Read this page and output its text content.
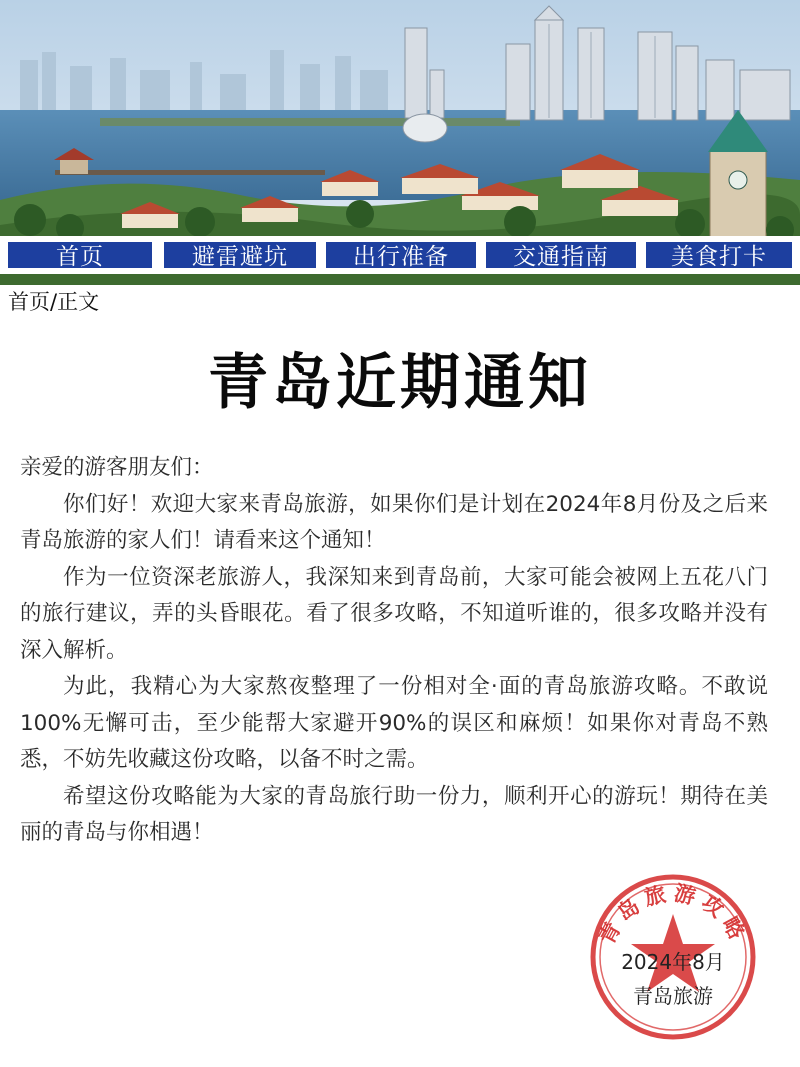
首页	避雷避坑	出行准备	交通指南	美食打卡
首页/正文
青岛近期通知

亲爱的游客朋友们：

你们好！欢迎大家来青岛旅游，如果你们是计划在2024年8月份及之后来青岛旅游的家人们！请看来这个通知！

作为一位资深老旅游人，我深知来到青岛前，大家可能会被网上五花八门的旅行建议，弄的头昏眼花。看了很多攻略，不知道听谁的，很多攻略并没有深入解析。

为此，我精心为大家熬夜整理了一份相对全·面的青岛旅游攻略。不敢说100%无懈可击，至少能帮大家避开90%的误区和麻烦！如果你对青岛不熟悉，不妨先收藏这份攻略，以备不时之需。

希望这份攻略能为大家的青岛旅行助一份力，顺利开心的游玩！期待在美丽的青岛与你相遇！

青岛旅游攻略
2024年8月
青岛旅游
